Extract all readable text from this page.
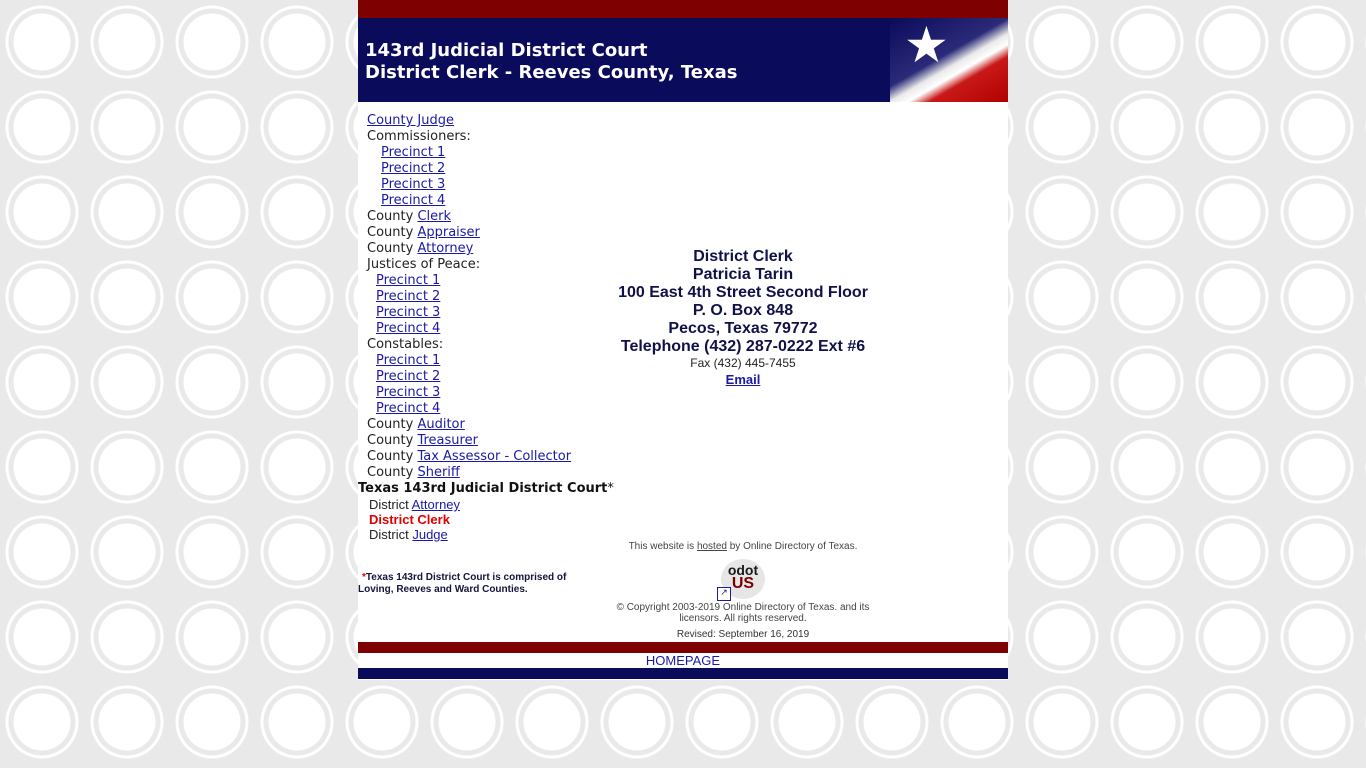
143rd Judicial District Court
District Clerk - Reeves County, Texas	★
County Judge
Commissioners:
Precinct 1
Precinct 2
Precinct 3
Precinct 4
County Clerk
County Appraiser
County Attorney
Justices of Peace:
Precinct 1
Precinct 2
Precinct 3
Precinct 4
Constables:
Precinct 1
Precinct 2
Precinct 3
Precinct 4
County Auditor
County Treasurer
County Tax Assessor - Collector
County Sheriff
Texas 143rd Judicial District Court*
District Attorney
District Clerk
District Judge
*Texas 143rd District Court is comprised of Loving, Reeves and Ward Counties.
District Clerk
Patricia Tarin
100 East 4th Street Second Floor
P. O. Box 848
Pecos, Texas 79772
Telephone (432) 287-0222 Ext #6
Fax (432) 445-7455
Email
This website is hosted by Online Directory of Texas.
odot
US
↗
© Copyright 2003-2019 Online Directory of Texas. and its licensors. All rights reserved.
Revised: September 16, 2019
HOMEPAGE
